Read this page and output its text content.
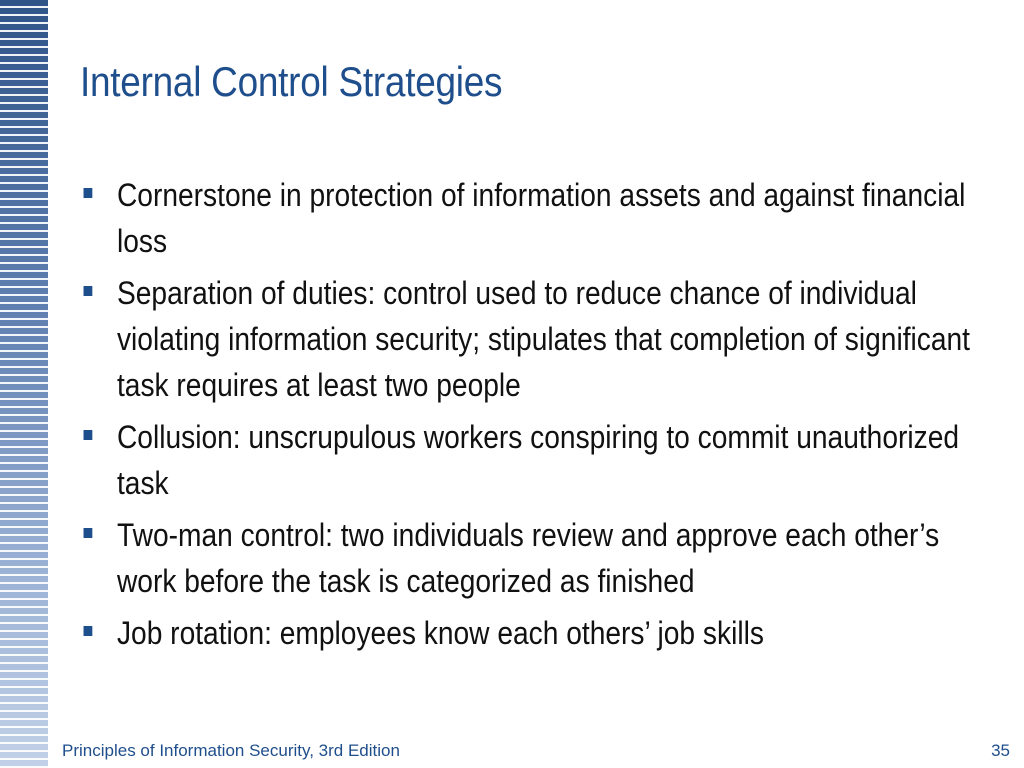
Internal Control Strategies
Cornerstone in protection of information assets and against financial loss
Separation of duties: control used to reduce chance of individual violating information security; stipulates that completion of significant task requires at least two people
Collusion: unscrupulous workers conspiring to commit unauthorized task
Two-man control: two individuals review and approve each other’s work before the task is categorized as finished
Job rotation: employees know each others’ job skills
Principles of Information Security, 3rd Edition	35
